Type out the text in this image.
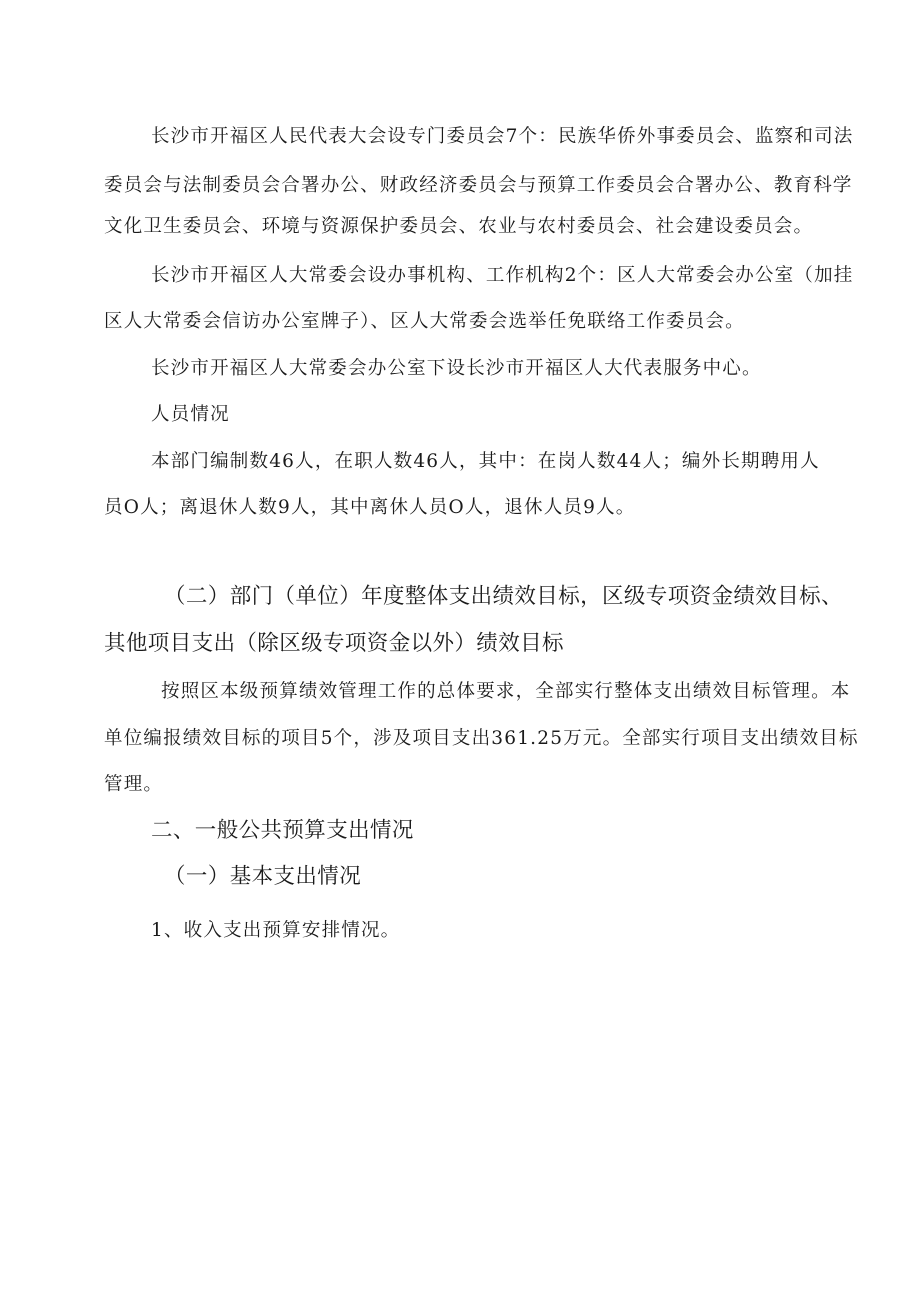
长沙市开福区人民代表大会设专门委员会7个：民族华侨外事委员会、监察和司法
委员会与法制委员会合署办公、财政经济委员会与预算工作委员会合署办公、教育科学
文化卫生委员会、环境与资源保护委员会、农业与农村委员会、社会建设委员会。
长沙市开福区人大常委会设办事机构、工作机构2个：区人大常委会办公室（加挂
区人大常委会信访办公室牌子）、区人大常委会选举任免联络工作委员会。
长沙市开福区人大常委会办公室下设长沙市开福区人大代表服务中心。
人员情况
本部门编制数46人，在职人数46人，其中：在岗人数44人；编外长期聘用人
员O人；离退休人数9人，其中离休人员O人，退休人员9人。
（二）部门（单位）年度整体支出绩效目标，区级专项资金绩效目标、
其他项目支出（除区级专项资金以外）绩效目标
按照区本级预算绩效管理工作的总体要求，全部实行整体支出绩效目标管理。本
单位编报绩效目标的项目5个，涉及项目支出361.25万元。全部实行项目支出绩效目标
管理。
二、一般公共预算支出情况
（一）基本支出情况
1、收入支出预算安排情况。
